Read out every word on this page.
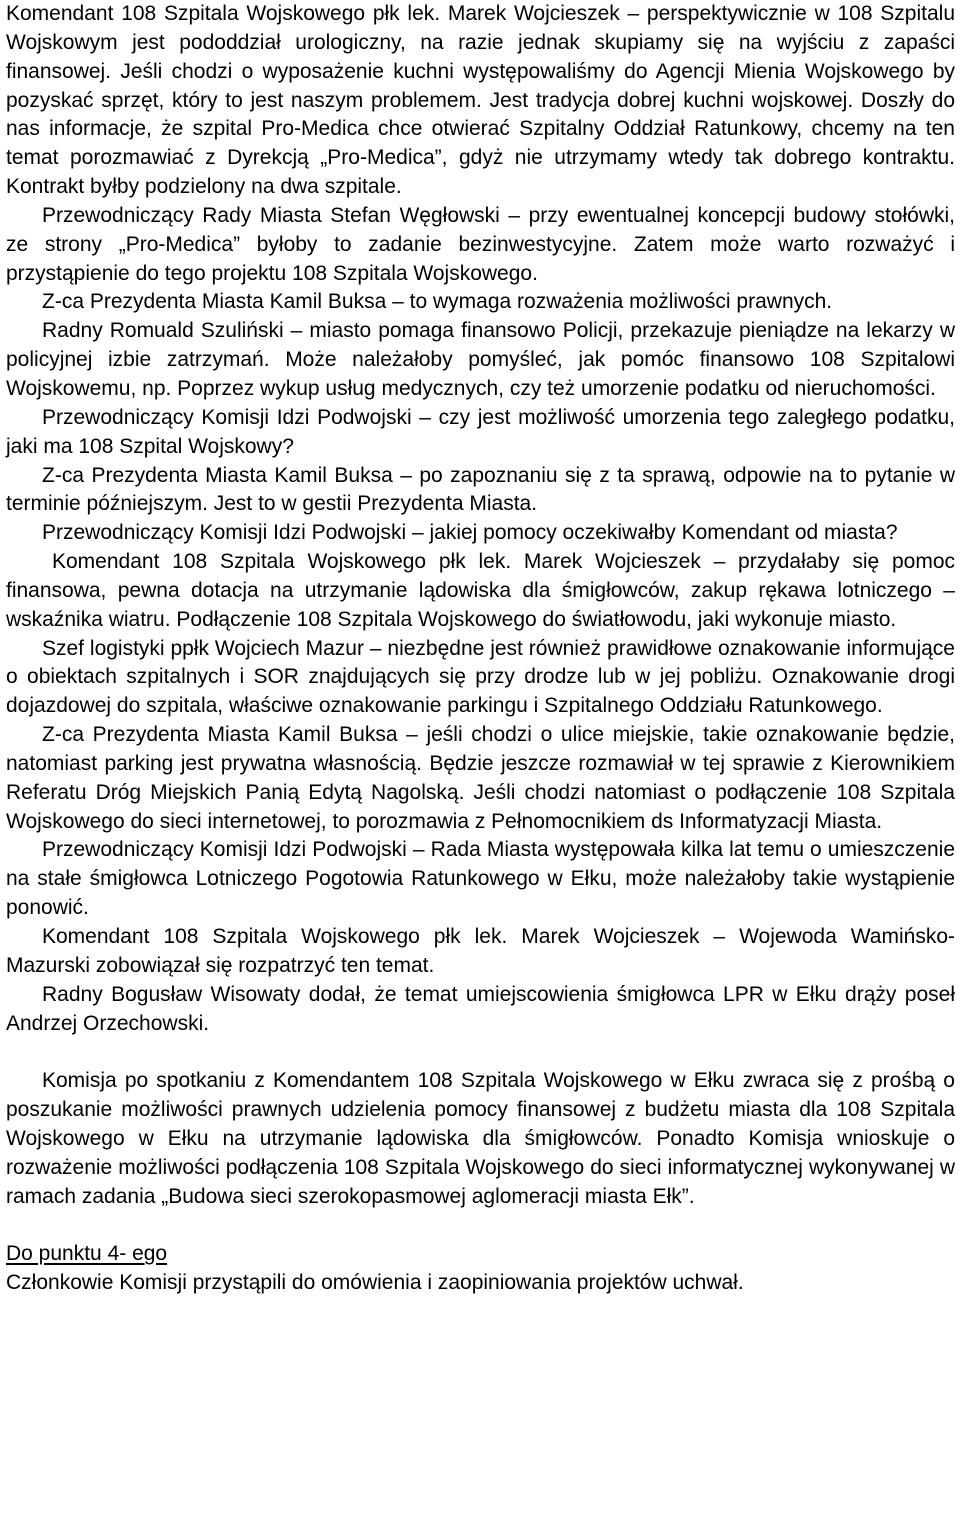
Komendant 108 Szpitala Wojskowego płk lek. Marek Wojcieszek – perspektywicznie w 108 Szpitalu Wojskowym jest pododdział urologiczny, na razie jednak skupiamy się na wyjściu z zapaści finansowej. Jeśli chodzi o wyposażenie kuchni występowaliśmy do Agencji Mienia Wojskowego by pozyskać sprzęt, który to jest naszym problemem. Jest tradycja dobrej kuchni wojskowej. Doszły do nas informacje, że szpital Pro-Medica chce otwierać Szpitalny Oddział Ratunkowy, chcemy na ten temat porozmawiać z Dyrekcją „Pro-Medica”, gdyż nie utrzymamy wtedy tak dobrego kontraktu. Kontrakt byłby podzielony na dwa szpitale.

Przewodniczący Rady Miasta Stefan Węgłowski – przy ewentualnej koncepcji budowy stołówki, ze strony „Pro-Medica” byłoby to zadanie bezinwestycyjne. Zatem może warto rozważyć i przystąpienie do tego projektu 108 Szpitala Wojskowego.

Z-ca Prezydenta Miasta Kamil Buksa – to wymaga rozważenia możliwości prawnych.

Radny Romuald Szuliński – miasto pomaga finansowo Policji, przekazuje pieniądze na lekarzy w policyjnej izbie zatrzymań. Może należałoby pomyśleć, jak pomóc finansowo 108 Szpitalowi Wojskowemu, np. Poprzez wykup usług medycznych, czy też umorzenie podatku od nieruchomości.

Przewodniczący Komisji Idzi Podwojski – czy jest możliwość umorzenia tego zaległego podatku, jaki ma 108 Szpital Wojskowy?

Z-ca Prezydenta Miasta Kamil Buksa – po zapoznaniu się z ta sprawą, odpowie na to pytanie w terminie późniejszym. Jest to w gestii Prezydenta Miasta.

Przewodniczący Komisji Idzi Podwojski – jakiej pomocy oczekiwałby Komendant od miasta?

Komendant 108 Szpitala Wojskowego płk lek. Marek Wojcieszek – przydałaby się pomoc finansowa, pewna dotacja na utrzymanie lądowiska dla śmigłowców, zakup rękawa lotniczego – wskaźnika wiatru. Podłączenie 108 Szpitala Wojskowego do światłowodu, jaki wykonuje miasto.

Szef logistyki ppłk Wojciech Mazur – niezbędne jest również prawidłowe oznakowanie informujące o obiektach szpitalnych i SOR znajdujących się przy drodze lub w jej pobliżu. Oznakowanie drogi dojazdowej do szpitala, właściwe oznakowanie parkingu i Szpitalnego Oddziału Ratunkowego.

Z-ca Prezydenta Miasta Kamil Buksa – jeśli chodzi o ulice miejskie, takie oznakowanie będzie, natomiast parking jest prywatna własnością. Będzie jeszcze rozmawiał w tej sprawie z Kierownikiem Referatu Dróg Miejskich Panią Edytą Nagolską. Jeśli chodzi natomiast o podłączenie 108 Szpitala Wojskowego do sieci internetowej, to porozmawia z Pełnomocnikiem ds Informatyzacji Miasta.

Przewodniczący Komisji Idzi Podwojski – Rada Miasta występowała kilka lat temu o umieszczenie na stałe śmigłowca Lotniczego Pogotowia Ratunkowego w Ełku, może należałoby takie wystąpienie ponowić.

Komendant 108 Szpitala Wojskowego płk lek. Marek Wojcieszek – Wojewoda Wamińsko-Mazurski zobowiązał się rozpatrzyć ten temat.

Radny Bogusław Wisowaty dodał, że temat umiejscowienia śmigłowca LPR w Ełku drąży poseł Andrzej Orzechowski.

Komisja po spotkaniu z Komendantem 108 Szpitala Wojskowego w Ełku zwraca się z prośbą o poszukanie możliwości prawnych udzielenia pomocy finansowej z budżetu miasta dla 108 Szpitala Wojskowego w Ełku na utrzymanie lądowiska dla śmigłowców. Ponadto Komisja wnioskuje o rozważenie możliwości podłączenia 108 Szpitala Wojskowego do sieci informatycznej wykonywanej w ramach zadania „Budowa sieci szerokopasmowej aglomeracji miasta Ełk”.

Do punktu 4- ego

Członkowie Komisji przystąpili do omówienia i zaopiniowania projektów uchwał.
